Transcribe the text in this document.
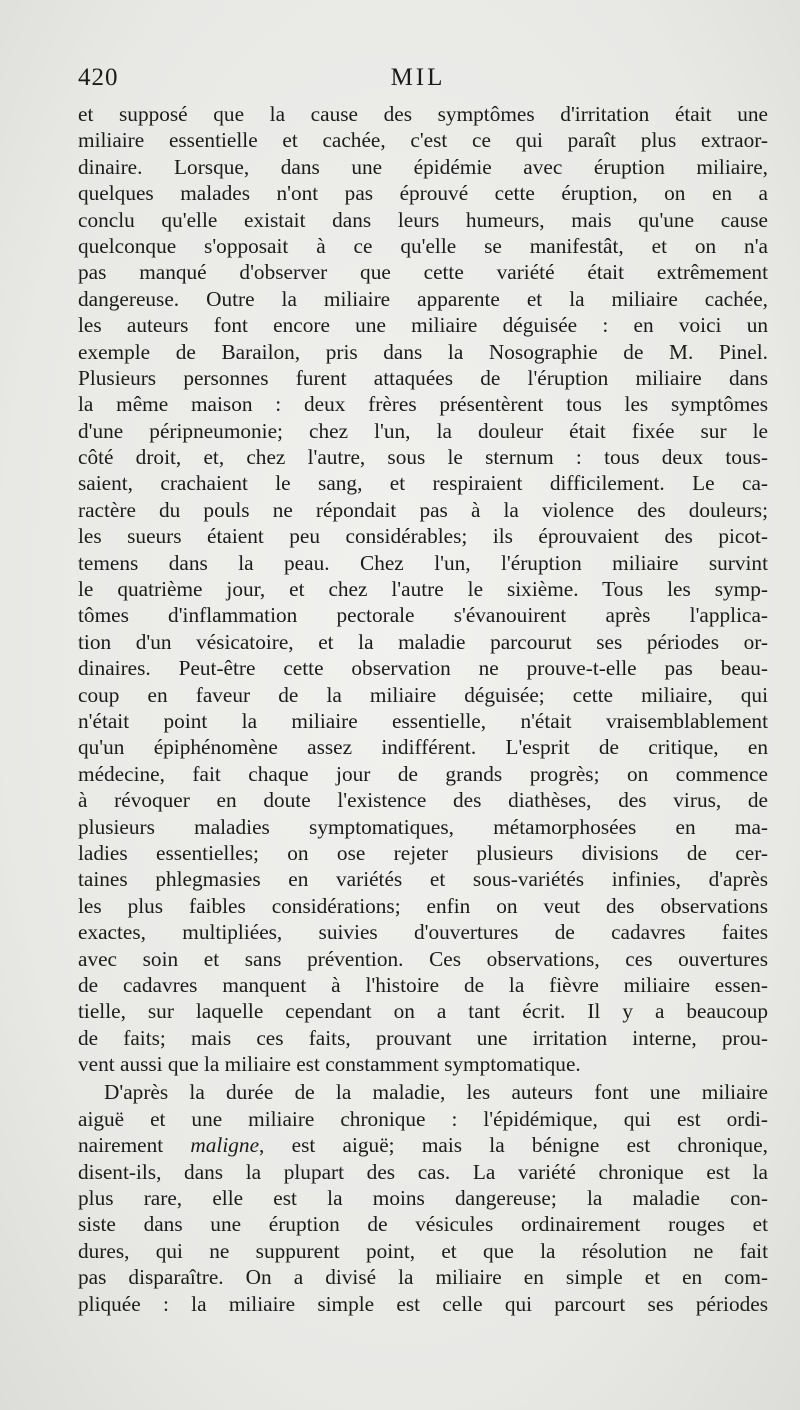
420	MIL
et supposé que la cause des symptômes d'irritation était une
miliaire essentielle et cachée, c'est ce qui paraît plus extraor-
dinaire. Lorsque, dans une épidémie avec éruption miliaire,
quelques malades n'ont pas éprouvé cette éruption, on en a
conclu qu'elle existait dans leurs humeurs, mais qu'une cause
quelconque s'opposait à ce qu'elle se manifestât, et on n'a
pas manqué d'observer que cette variété était extrêmement
dangereuse. Outre la miliaire apparente et la miliaire cachée,
les auteurs font encore une miliaire déguisée : en voici un
exemple de Barailon, pris dans la Nosographie de M. Pinel.
Plusieurs personnes furent attaquées de l'éruption miliaire dans
la même maison : deux frères présentèrent tous les symptômes
d'une péripneumonie; chez l'un, la douleur était fixée sur le
côté droit, et, chez l'autre, sous le sternum : tous deux tous-
saient, crachaient le sang, et respiraient difficilement. Le ca-
ractère du pouls ne répondait pas à la violence des douleurs;
les sueurs étaient peu considérables; ils éprouvaient des picot-
temens dans la peau. Chez l'un, l'éruption miliaire survint
le quatrième jour, et chez l'autre le sixième. Tous les symp-
tômes d'inflammation pectorale s'évanouirent après l'applica-
tion d'un vésicatoire, et la maladie parcourut ses périodes or-
dinaires. Peut-être cette observation ne prouve-t-elle pas beau-
coup en faveur de la miliaire déguisée; cette miliaire, qui
n'était point la miliaire essentielle, n'était vraisemblablement
qu'un épiphénomène assez indifférent. L'esprit de critique, en
médecine, fait chaque jour de grands progrès; on commence
à révoquer en doute l'existence des diathèses, des virus, de
plusieurs maladies symptomatiques, métamorphosées en ma-
ladies essentielles; on ose rejeter plusieurs divisions de cer-
taines phlegmasies en variétés et sous-variétés infinies, d'après
les plus faibles considérations; enfin on veut des observations
exactes, multipliées, suivies d'ouvertures de cadavres faites
avec soin et sans prévention. Ces observations, ces ouvertures
de cadavres manquent à l'histoire de la fièvre miliaire essen-
tielle, sur laquelle cependant on a tant écrit. Il y a beaucoup
de faits; mais ces faits, prouvant une irritation interne, prou-
vent aussi que la miliaire est constamment symptomatique.
D'après la durée de la maladie, les auteurs font une miliaire
aiguë et une miliaire chronique : l'épidémique, qui est ordi-
nairement maligne, est aiguë; mais la bénigne est chronique,
disent-ils, dans la plupart des cas. La variété chronique est la
plus rare, elle est la moins dangereuse; la maladie con-
siste dans une éruption de vésicules ordinairement rouges et
dures, qui ne suppurent point, et que la résolution ne fait
pas disparaître. On a divisé la miliaire en simple et en com-
pliquée : la miliaire simple est celle qui parcourt ses périodes
